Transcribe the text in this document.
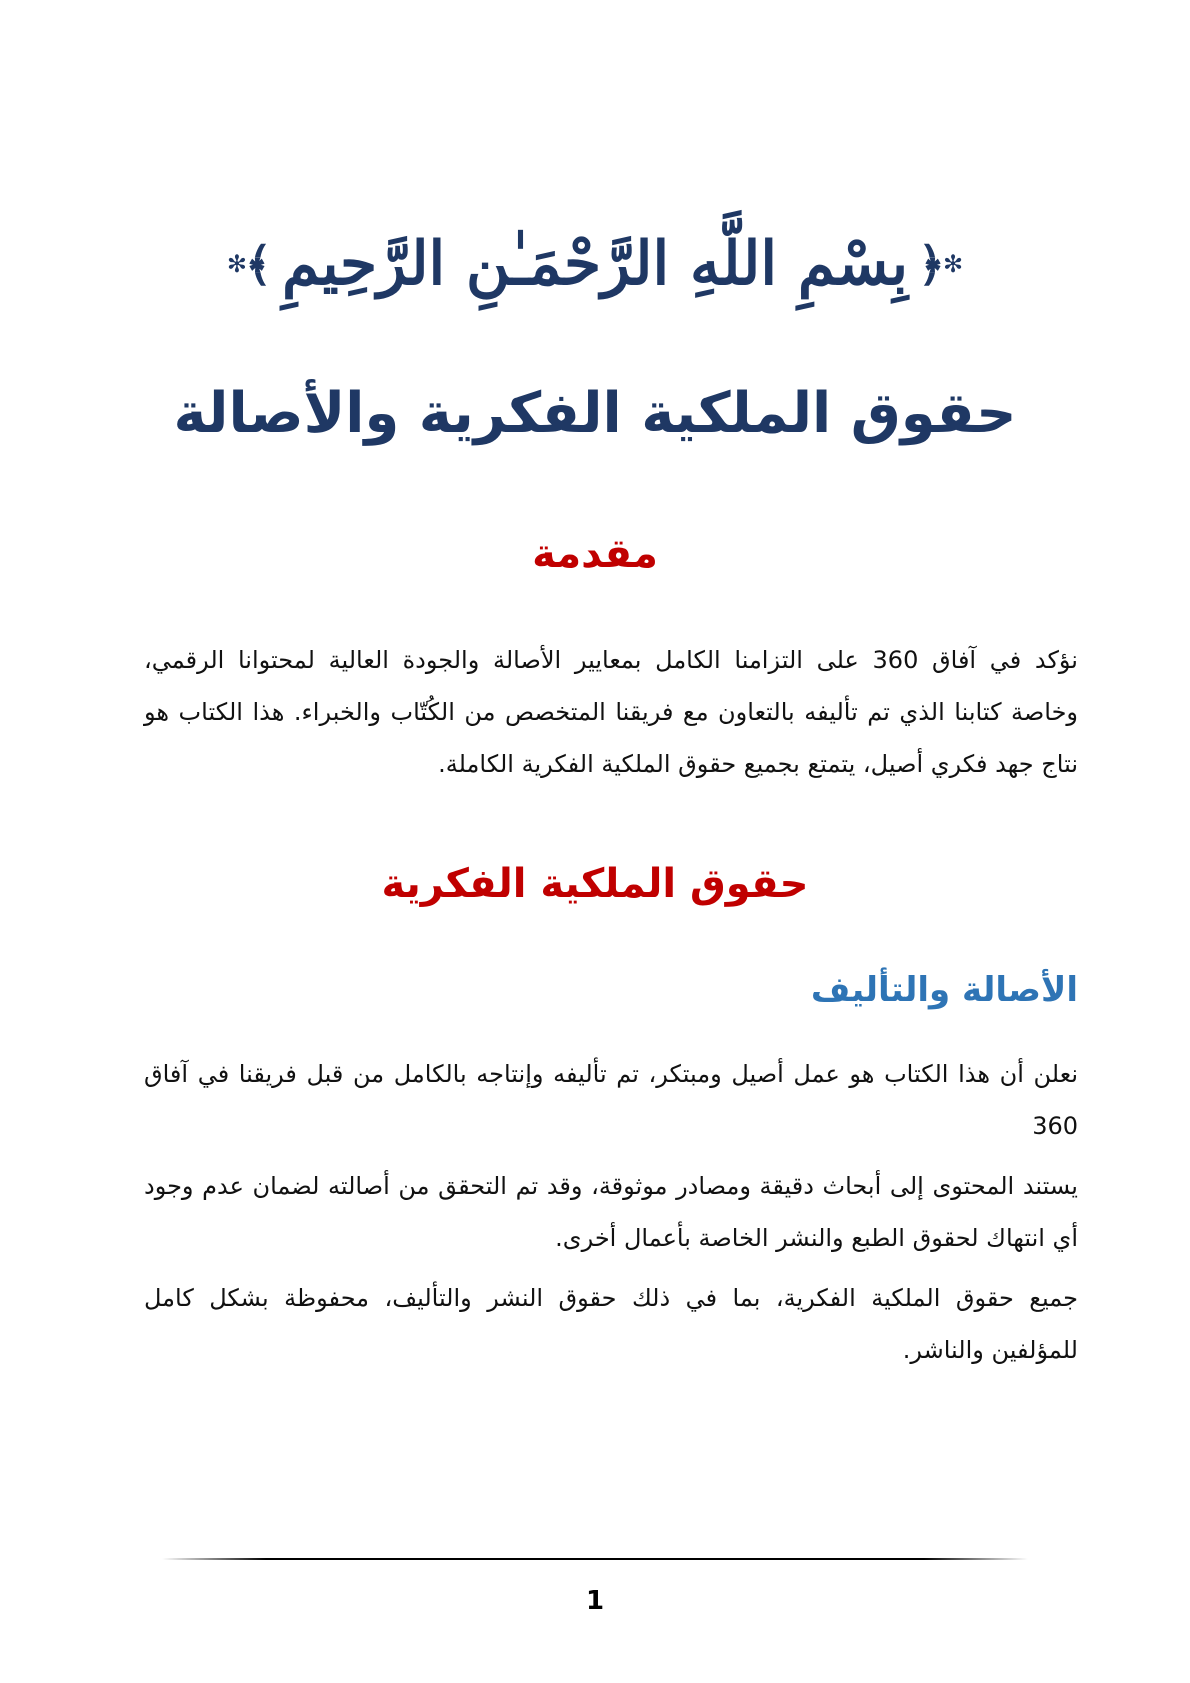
✻
﴿
بِسْمِ اللَّهِ الرَّحْمَـٰنِ الرَّحِيمِ
﴾
✻
حقوق الملكية الفكرية والأصالة
مقدمة

نؤكد في آفاق 360 على التزامنا الكامل بمعايير الأصالة والجودة العالية لمحتوانا الرقمي، وخاصة كتابنا الذي تم تأليفه بالتعاون مع فريقنا المتخصص من الكُتّاب والخبراء. هذا الكتاب هو نتاج جهد فكري أصيل، يتمتع بجميع حقوق الملكية الفكرية الكاملة.

حقوق الملكية الفكرية
الأصالة والتأليف

نعلن أن هذا الكتاب هو عمل أصيل ومبتكر، تم تأليفه وإنتاجه بالكامل من قبل فريقنا في آفاق 360

يستند المحتوى إلى أبحاث دقيقة ومصادر موثوقة، وقد تم التحقق من أصالته لضمان عدم وجود أي انتهاك لحقوق الطبع والنشر الخاصة بأعمال أخرى.

جميع حقوق الملكية الفكرية، بما في ذلك حقوق النشر والتأليف، محفوظة بشكل كامل للمؤلفين والناشر.

1
